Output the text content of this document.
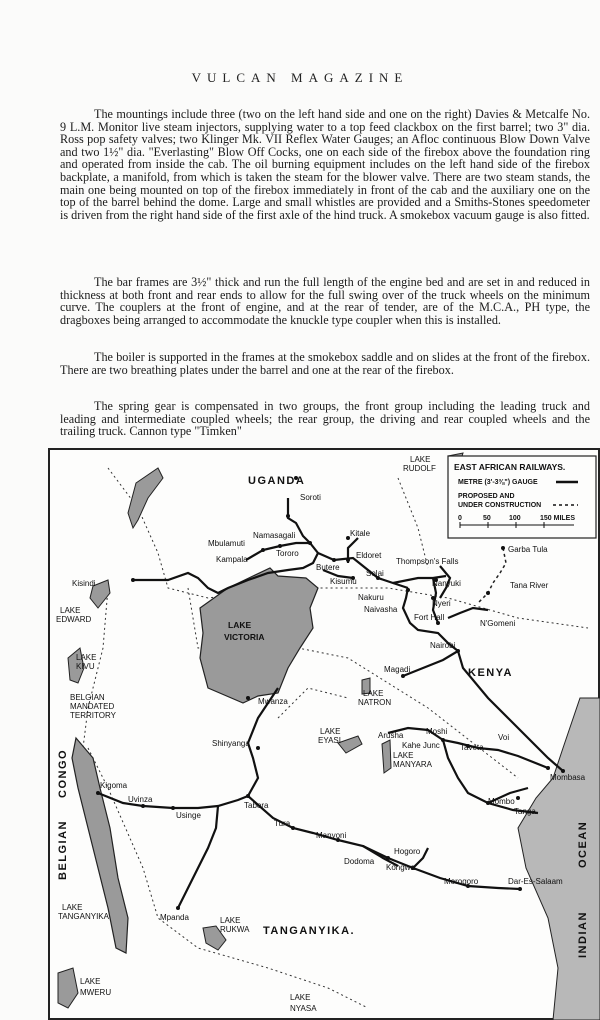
VULCAN MAGAZINE

The mountings include three (two on the left hand side and one on the right) Davies & Metcalfe No. 9 L.M. Monitor live steam injectors, supplying water to a top feed clackbox on the first barrel; two 3" dia. Ross pop safety valves; two Klinger Mk. VII Reflex Water Gauges; an Afloc continuous Blow Down Valve and two 1½" dia. "Everlasting" Blow Off Cocks, one on each side of the firebox above the foundation ring and operated from inside the cab. The oil burning equipment includes on the left hand side of the firebox backplate, a manifold, from which is taken the steam for the blower valve. There are two steam stands, the main one being mounted on top of the firebox immediately in front of the cab and the auxiliary one on the top of the barrel behind the dome. Large and small whistles are provided and a Smiths-Stones speedometer is driven from the right hand side of the first axle of the hind truck. A smokebox vacuum gauge is also fitted.

The bar frames are 3½" thick and run the full length of the engine bed and are set in and reduced in thickness at both front and rear ends to allow for the full swing over of the truck wheels on the minimum curve. The couplers at the front of engine, and at the rear of tender, are of the M.C.A., PH type, the dragboxes being arranged to accommodate the knuckle type coupler when this is installed.

The boiler is supported in the frames at the smokebox saddle and on slides at the front of the firebox. There are two breathing plates under the barrel and one at the rear of the firebox.

The spring gear is compensated in two groups, the front group including the leading truck and leading and intermediate coupled wheels; the rear group, the driving and rear coupled wheels and the trailing truck. Cannon type "Timken"

EAST AFRICAN RAILWAYS.
METRE (3'-3⅜") GAUGE
PROPOSED AND
UNDER CONSTRUCTION
0	50	100	150 MILES
UGANDA
KENYA
TANGANYIKA.
BELGIAN
MANDATED
TERRITORY
BELGIAN
CONGO
INDIAN
OCEAN
LAKE
RUDOLF
LAKE
EDWARD
LAKE
KIVU
LAKE
VICTORIA
LAKE
NATRON
LAKE
EYASI
LAKE
MANYARA
LAKE
TANGANYIKA	LAKE
RUKWA
LAKE
MWERU
LAKE
NYASA
Soroti
Namasagali
Mbulamuti
Tororo
Kampala
Kisindi
Kitale
Eldoret
Butere
Kisumu
Solai
Thompson's Falls
Nanyuki
Nyeri
Garba Tula
Tana River
Nakuru
Naivasha
Fort Hall
N'Gomeni
Nairobi
Magadi
Mwanza
Shinyanga
Arusha	Moshi
Kahe Junc	Taveta
Voi
Mombasa
Mombo
Tanga
Kigoma
Uvinza
Usinge
Tabora
Tura
Manyoni
Dodoma
Hogoro
Kongwa
Morogoro	Dar-Es-Salaam
Mpanda
